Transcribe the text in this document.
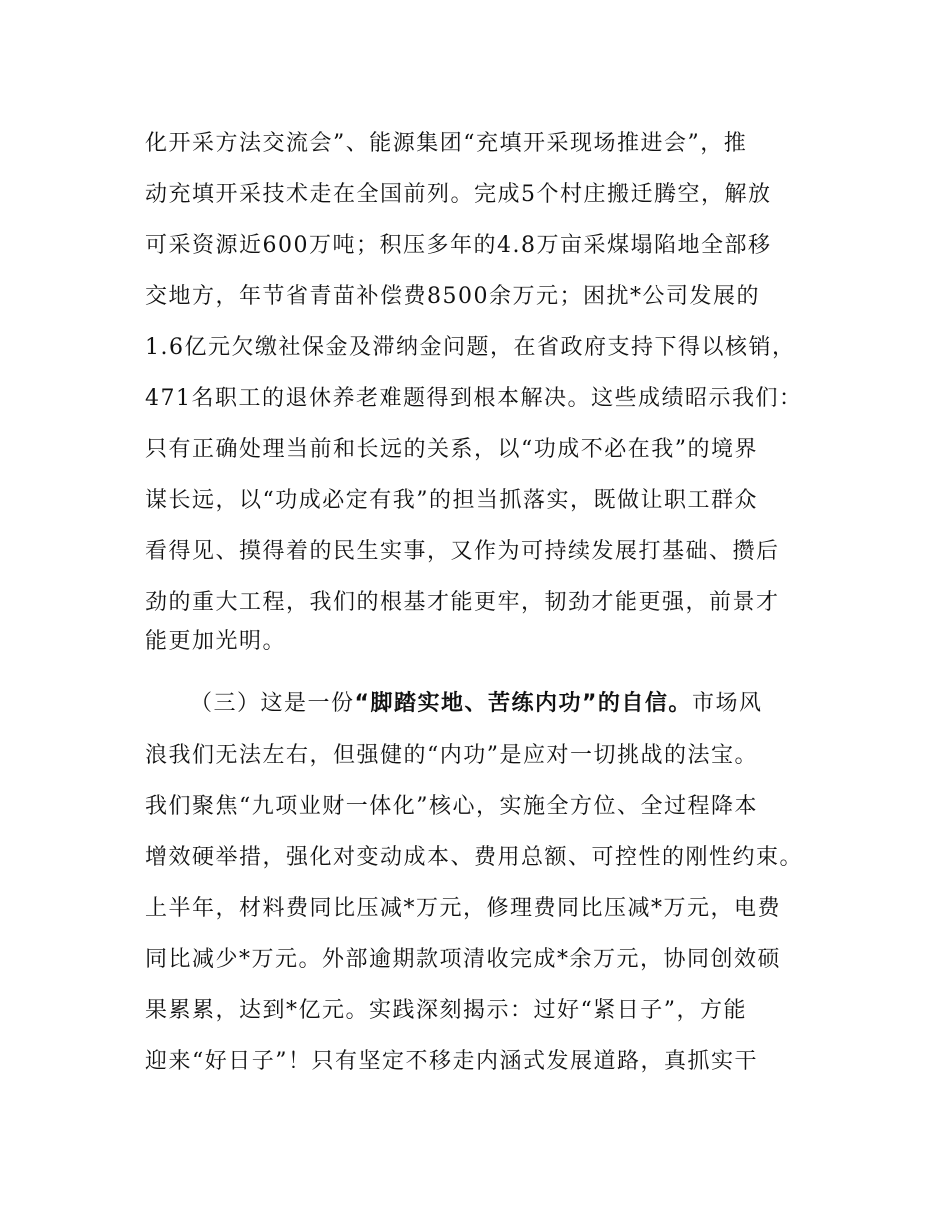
化开采方法交流会”、能源集团“充填开采现场推进会”，推
动充填开采技术走在全国前列。完成5个村庄搬迁腾空，解放
可采资源近600万吨；积压多年的4.8万亩采煤塌陷地全部移
交地方，年节省青苗补偿费8500余万元；困扰*公司发展的
1.6亿元欠缴社保金及滞纳金问题，在省政府支持下得以核销，
471名职工的退休养老难题得到根本解决。这些成绩昭示我们：
只有正确处理当前和长远的关系，以“功成不必在我”的境界
谋长远，以“功成必定有我”的担当抓落实，既做让职工群众
看得见、摸得着的民生实事，又作为可持续发展打基础、攒后
劲的重大工程，我们的根基才能更牢，韧劲才能更强，前景才
能更加光明。
（三）这是一份“脚踏实地、苦练内功”的自信。市场风
浪我们无法左右，但强健的“内功”是应对一切挑战的法宝。
我们聚焦“九项业财一体化”核心，实施全方位、全过程降本
增效硬举措，强化对变动成本、费用总额、可控性的刚性约束。
上半年，材料费同比压减*万元，修理费同比压减*万元，电费
同比减少*万元。外部逾期款项清收完成*余万元，协同创效硕
果累累，达到*亿元。实践深刻揭示：过好“紧日子”，方能
迎来“好日子”！只有坚定不移走内涵式发展道路，真抓实干
